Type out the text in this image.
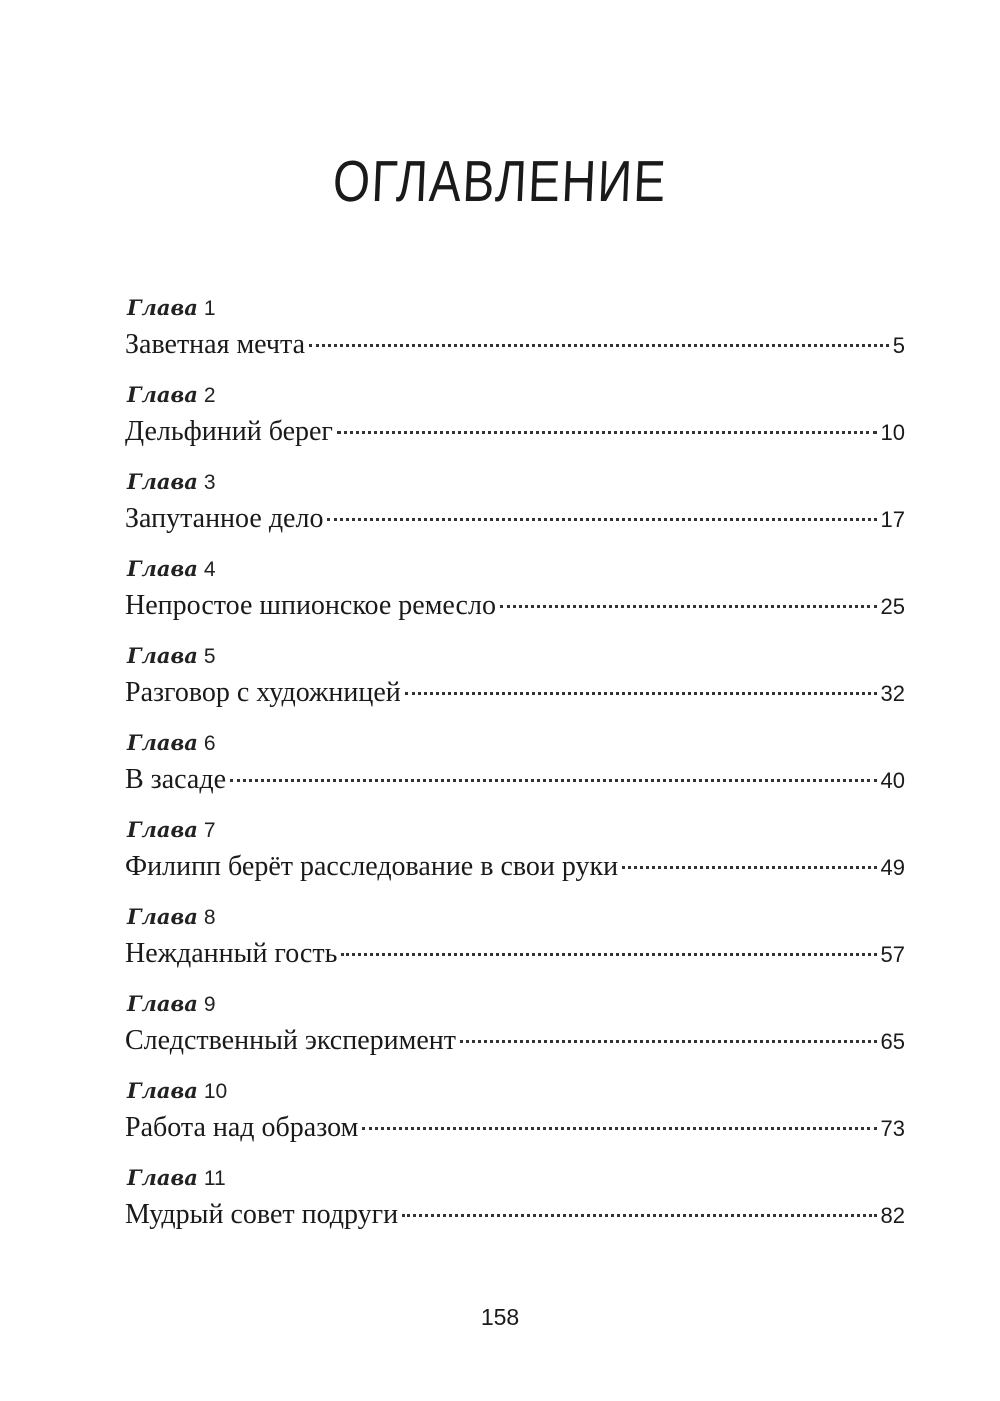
ОГЛАВЛЕНИЕ
Глава 1
Заветная мечта	5
Глава 2
Дельфиний берег	10
Глава 3
Запутанное дело	17
Глава 4
Непростое шпионское ремесло	25
Глава 5
Разговор с художницей	32
Глава 6
В засаде	40
Глава 7
Филипп берёт расследование в свои руки	49
Глава 8
Нежданный гость	57
Глава 9
Следственный эксперимент	65
Глава 10
Работа над образом	73
Глава 11
Мудрый совет подруги	82
158
